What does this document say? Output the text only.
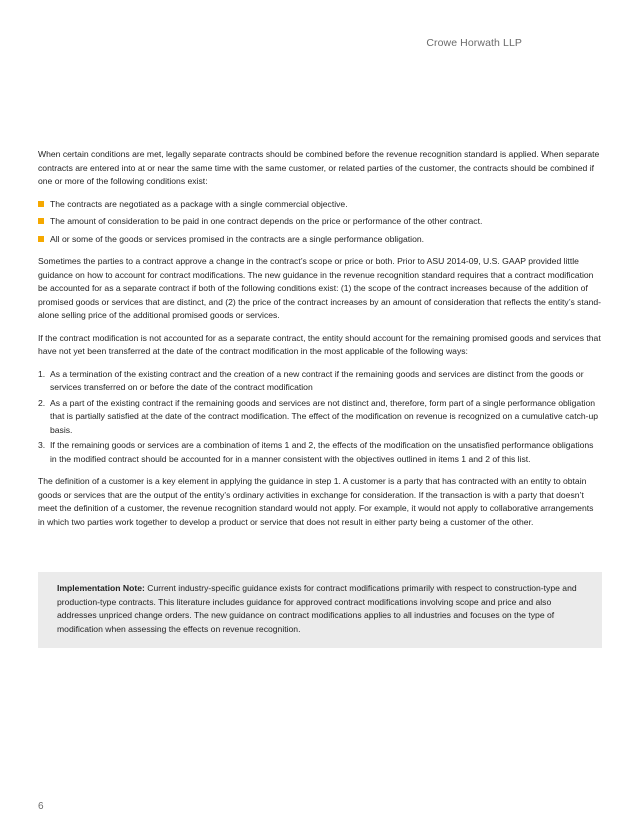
Crowe Horwath LLP

When certain conditions are met, legally separate contracts should be combined before the revenue recognition standard is applied. When separate contracts are entered into at or near the same time with the same customer, or related parties of the customer, the contracts should be combined if one or more of the following conditions exist:

The contracts are negotiated as a package with a single commercial objective.
The amount of consideration to be paid in one contract depends on the price or performance of the other contract.
All or some of the goods or services promised in the contracts are a single performance obligation.

Sometimes the parties to a contract approve a change in the contract’s scope or price or both. Prior to ASU 2014-09, U.S. GAAP provided little guidance on how to account for contract modifications. The new guidance in the revenue recognition standard requires that a contract modification be accounted for as a separate contract if both of the following conditions exist: (1) the scope of the contract increases because of the addition of promised goods or services that are distinct, and (2) the price of the contract increases by an amount of consideration that reflects the entity’s stand-alone selling price of the additional promised goods or services.

If the contract modification is not accounted for as a separate contract, the entity should account for the remaining promised goods and services that have not yet been transferred at the date of the contract modification in the most applicable of the following ways:

1. As a termination of the existing contract and the creation of a new contract if the remaining goods and services are distinct from the goods or services transferred on or before the date of the contract modification
2. As a part of the existing contract if the remaining goods and services are not distinct and, therefore, form part of a single performance obligation that is partially satisfied at the date of the contract modification. The effect of the modification on revenue is recognized on a cumulative catch-up basis.
3. If the remaining goods or services are a combination of items 1 and 2, the effects of the modification on the unsatisfied performance obligations in the modified contract should be accounted for in a manner consistent with the objectives outlined in items 1 and 2 of this list.

The definition of a customer is a key element in applying the guidance in step 1. A customer is a party that has contracted with an entity to obtain goods or services that are the output of the entity’s ordinary activities in exchange for consideration. If the transaction is with a party that doesn’t meet the definition of a customer, the revenue recognition standard would not apply. For example, it would not apply to collaborative arrangements in which two parties work together to develop a product or service that does not result in either party being a customer of the other.

Implementation Note: Current industry-specific guidance exists for contract modifications primarily with respect to construction-type and production-type contracts. This literature includes guidance for approved contract modifications involving scope and price and also addresses unpriced change orders. The new guidance on contract modifications applies to all industries and focuses on the type of modification when assessing the effects on revenue recognition.
6
